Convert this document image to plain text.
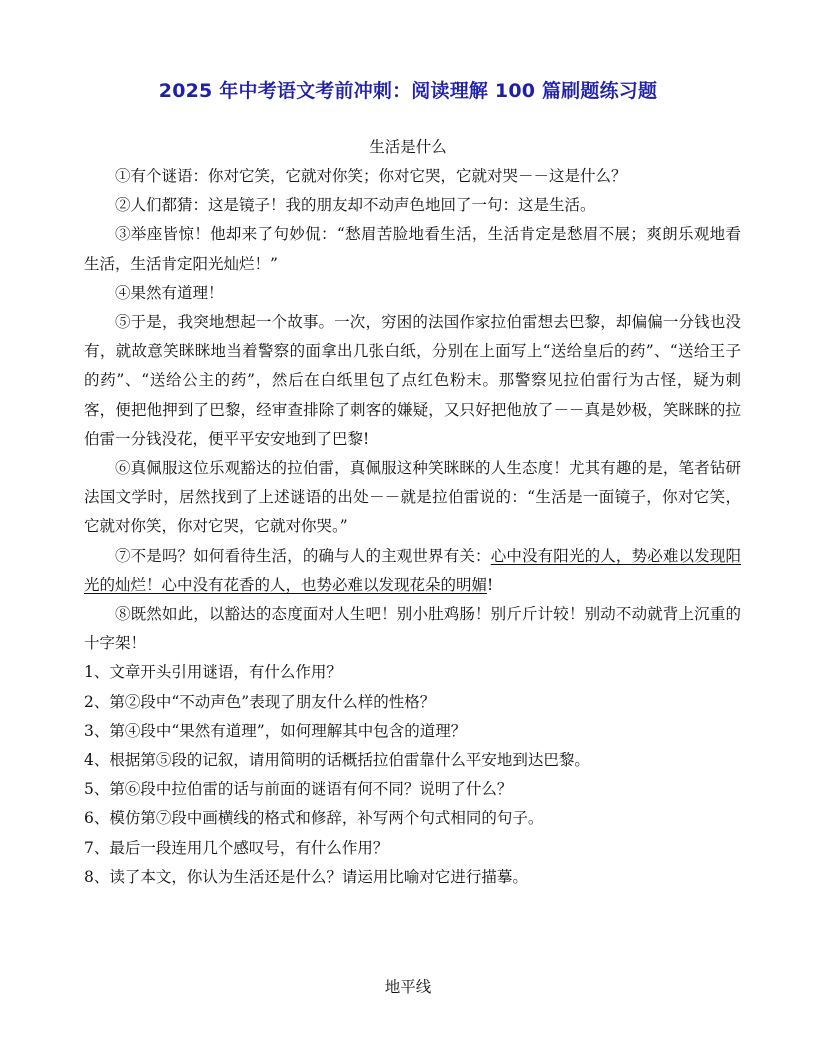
2025 年中考语文考前冲刺：阅读理解 100 篇刷题练习题
生活是什么

①有个谜语：你对它笑，它就对你笑；你对它哭，它就对哭－－这是什么？

②人们都猜：这是镜子！我的朋友却不动声色地回了一句：这是生活。

③举座皆惊！他却来了句妙侃：“愁眉苦脸地看生活，生活肯定是愁眉不展；爽朗乐观地看生活，生活肯定阳光灿烂！”

④果然有道理！

⑤于是，我突地想起一个故事。一次，穷困的法国作家拉伯雷想去巴黎，却偏偏一分钱也没有，就故意笑眯眯地当着警察的面拿出几张白纸，分别在上面写上“送给皇后的药”、“送给王子的药”、“送给公主的药”，然后在白纸里包了点红色粉末。那警察见拉伯雷行为古怪，疑为刺客，便把他押到了巴黎，经审查排除了刺客的嫌疑，又只好把他放了－－真是妙极，笑眯眯的拉伯雷一分钱没花，便平平安安地到了巴黎!

⑥真佩服这位乐观豁达的拉伯雷，真佩服这种笑眯眯的人生态度！尤其有趣的是，笔者钻研法国文学时，居然找到了上述谜语的出处－－就是拉伯雷说的：“生活是一面镜子，你对它笑，它就对你笑，你对它哭，它就对你哭。”

⑦不是吗？如何看待生活，的确与人的主观世界有关：心中没有阳光的人，势必难以发现阳光的灿烂！心中没有花香的人，也势必难以发现花朵的明媚!

⑧既然如此，以豁达的态度面对人生吧！别小肚鸡肠！别斤斤计较！别动不动就背上沉重的十字架！

1、文章开头引用谜语，有什么作用？

2、第②段中“不动声色”表现了朋友什么样的性格？

3、第④段中“果然有道理”，如何理解其中包含的道理？

4、根据第⑤段的记叙，请用简明的话概括拉伯雷靠什么平安地到达巴黎。

5、第⑥段中拉伯雷的话与前面的谜语有何不同？说明了什么？

6、模仿第⑦段中画横线的格式和修辞，补写两个句式相同的句子。

7、最后一段连用几个感叹号，有什么作用？

8、读了本文，你认为生活还是什么？请运用比喻对它进行描摹。

地平线
